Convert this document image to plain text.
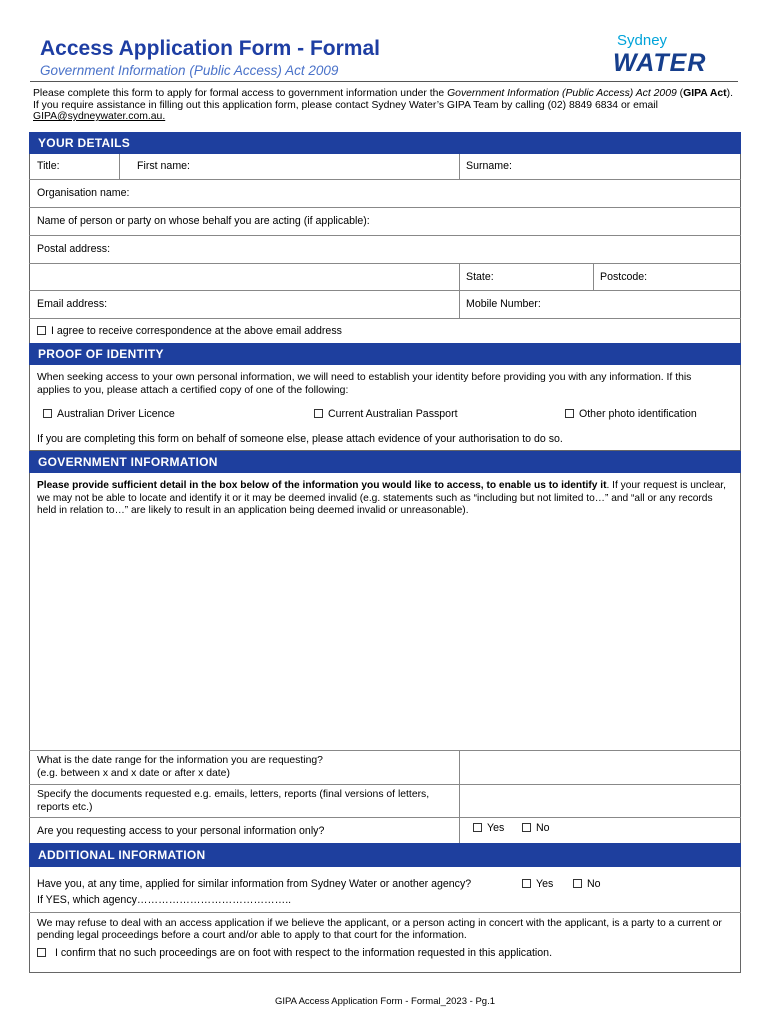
Access Application Form - Formal
Government Information (Public Access) Act 2009
Sydney
WATER
Please complete this form to apply for formal access to government information under the Government Information (Public Access) Act 2009 (GIPA Act). If you require assistance in filling out this application form, please contact Sydney Water’s GIPA Team by calling (02) 8849 6834 or email GIPA@sydneywater.com.au.
YOUR DETAILS
Title:	First name:	Surname:
Organisation name:
Name of person or party on whose behalf you are acting (if applicable):
Postal address:
State:	Postcode:
Email address:	Mobile Number:
I agree to receive correspondence at the above email address
PROOF OF IDENTITY
When seeking access to your own personal information, we will need to establish your identity before providing you with any information. If this applies to you, please attach a certified copy of one of the following:
Australian Driver Licence	Current Australian Passport	Other photo identification
If you are completing this form on behalf of someone else, please attach evidence of your authorisation to do so.
GOVERNMENT INFORMATION
Please provide sufficient detail in the box below of the information you would like to access, to enable us to identify it. If your request is unclear, we may not be able to locate and identify it or it may be deemed invalid (e.g. statements such as “including but not limited to…” and “all or any records held in relation to…” are likely to result in an application being deemed invalid or unreasonable).
What is the date range for the information you are requesting?
(e.g. between x and x date or after x date)
Specify the documents requested e.g. emails, letters, reports (final versions of letters, reports etc.)
Are you requesting access to your personal information only?	Yes	No
ADDITIONAL INFORMATION
Have you, at any time, applied for similar information from Sydney Water or another agency?	Yes	No
If YES, which agency……………………………………..
We may refuse to deal with an access application if we believe the applicant, or a person acting in concert with the applicant, is a party to a current or pending legal proceedings before a court and/or able to apply to that court for the information.
I confirm that no such proceedings are on foot with respect to the information requested in this application.
GIPA Access Application Form - Formal_2023 - Pg.1
